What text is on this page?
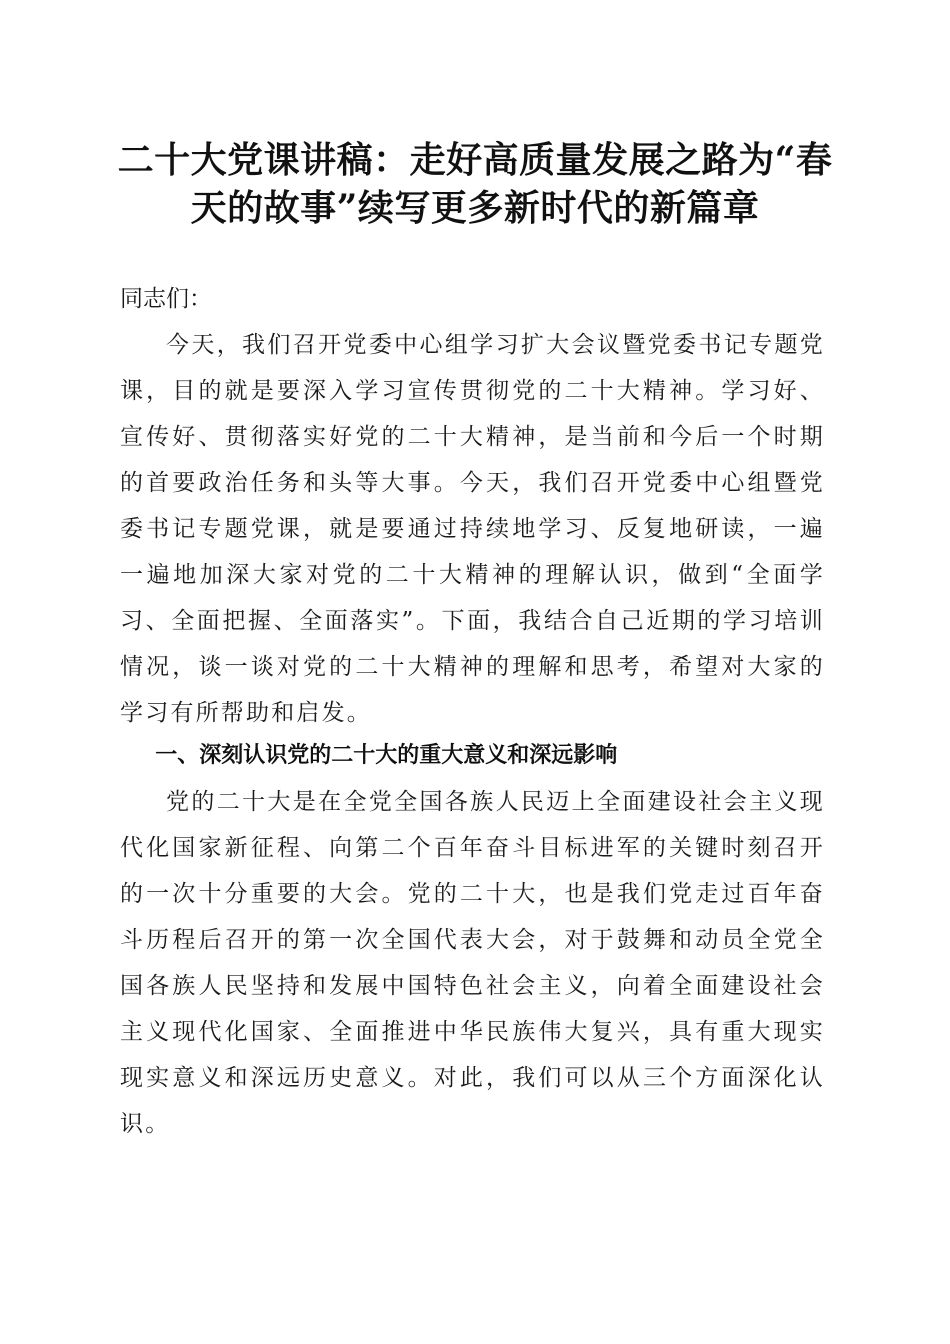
二十大党课讲稿：走好高质量发展之路为“春天的故事”续写更多新时代的新篇章

同志们：

今天，我们召开党委中心组学习扩大会议暨党委书记专题党课，目的就是要深入学习宣传贯彻党的二十大精神。学习好、宣传好、贯彻落实好党的二十大精神，是当前和今后一个时期的首要政治任务和头等大事。今天，我们召开党委中心组暨党委书记专题党课，就是要通过持续地学习、反复地研读，一遍一遍地加深大家对党的二十大精神的理解认识，做到“全面学习、全面把握、全面落实”。下面，我结合自己近期的学习培训情况，谈一谈对党的二十大精神的理解和思考，希望对大家的学习有所帮助和启发。

一、深刻认识党的二十大的重大意义和深远影响

党的二十大是在全党全国各族人民迈上全面建设社会主义现代化国家新征程、向第二个百年奋斗目标进军的关键时刻召开的一次十分重要的大会。党的二十大，也是我们党走过百年奋斗历程后召开的第一次全国代表大会，对于鼓舞和动员全党全国各族人民坚持和发展中国特色社会主义，向着全面建设社会主义现代化国家、全面推进中华民族伟大复兴，具有重大现实现实意义和深远历史意义。对此，我们可以从三个方面深化认识。
